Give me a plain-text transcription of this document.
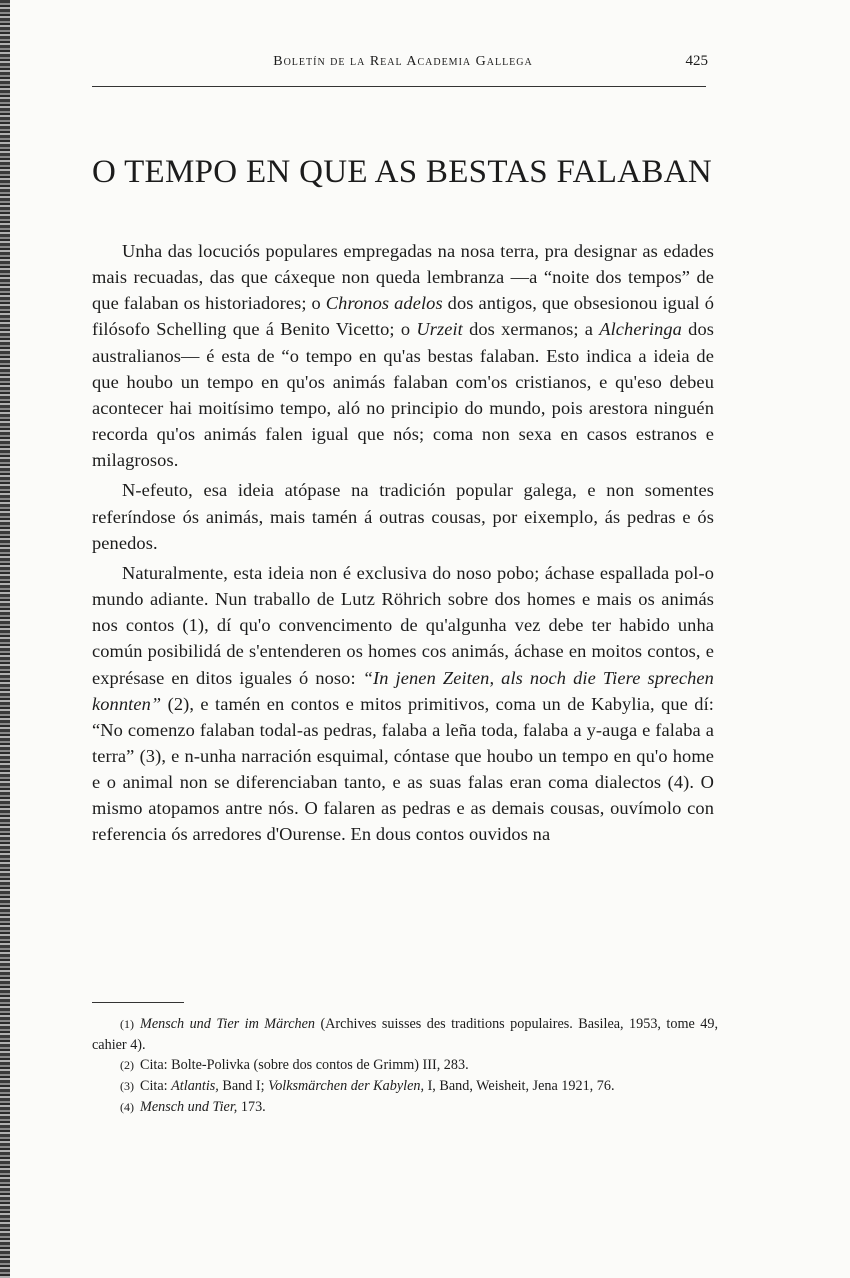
Boletín de la Real Academia Gallega	425
O TEMPO EN QUE AS BESTAS FALABAN

Unha das locuciós populares empregadas na nosa terra, pra designar as edades mais recuadas, das que cáxeque non queda lembranza —a “noite dos tempos” de que falaban os historiadores; o Chronos adelos dos antigos, que obsesionou igual ó filósofo Schelling que á Benito Vicetto; o Urzeit dos xermanos; a Alcheringa dos australianos— é esta de “o tempo en qu'as bestas falaban. Esto indica a ideia de que houbo un tempo en qu'os animás falaban com'os cristianos, e qu'eso debeu acontecer hai moitísimo tempo, aló no principio do mundo, pois arestora ninguén recorda qu'os animás falen igual que nós; coma non sexa en casos estranos e milagrosos.

N-efeuto, esa ideia atópase na tradición popular galega, e non somentes referíndose ós animás, mais tamén á outras cousas, por eixemplo, ás pedras e ós penedos.

Naturalmente, esta ideia non é exclusiva do noso pobo; áchase espallada pol-o mundo adiante. Nun traballo de Lutz Röhrich sobre dos homes e mais os animás nos contos (1), dí qu'o convencimento de qu'algunha vez debe ter habido unha común posibilidá de s'entenderen os homes cos animás, áchase en moitos contos, e exprésase en ditos iguales ó noso: “In jenen Zeiten, als noch die Tiere sprechen konnten” (2), e tamén en contos e mitos primitivos, coma un de Kabylia, que dí: “No comenzo falaban todal-as pedras, falaba a leña toda, falaba a y-auga e falaba a terra” (3), e n-unha narración esquimal, cóntase que houbo un tempo en qu'o home e o animal non se diferenciaban tanto, e as suas falas eran coma dialectos (4). O mismo atopamos antre nós. O falaren as pedras e as demais cousas, ouvímolo con referencia ós arredores d'Ourense. En dous contos ouvidos na

(1) Mensch und Tier im Märchen (Archives suisses des traditions populaires. Basilea, 1953, tome 49, cahier 4).
(2) Cita: Bolte-Polivka (sobre dos contos de Grimm) III, 283.
(3) Cita: Atlantis, Band I; Volksmärchen der Kabylen, I, Band, Weisheit, Jena 1921, 76.
(4) Mensch und Tier, 173.
